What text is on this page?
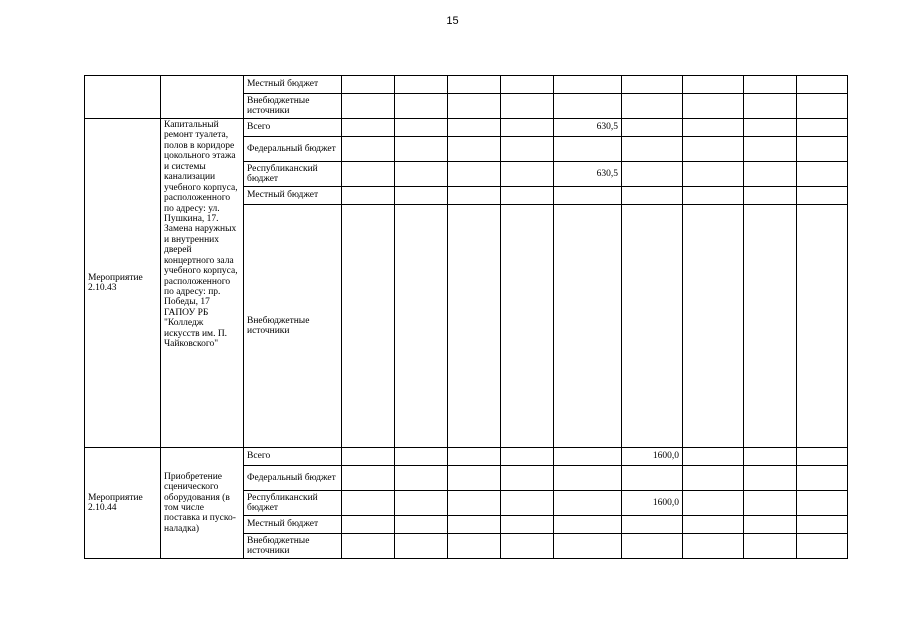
15
		Местный бюджет									
		Внебюджетные источники									
Мероприятие 2.10.43	Капитальный ремонт туалета, полов в коридоре цокольного этажа и системы канализации учебного корпуса, расположенного по адресу: ул. Пушкина, 17. Замена наружных и внутренних дверей концертного зала учебного корпуса, расположенного по адресу: пр. Победы, 17 ГАПОУ РБ "Колледж искусств им. П. Чайковского"	Всего					630,5				
		Федеральный бюджет									
		Республиканский бюджет					630,5				
		Местный бюджет									
		Внебюджетные источники									
Мероприятие 2.10.44	Приобретение сценического оборудования (в том числе поставка и пуско-наладка)	Всего						1600,0			
		Федеральный бюджет									
		Республиканский бюджет						1600,0			
		Местный бюджет									
		Внебюджетные источники									
